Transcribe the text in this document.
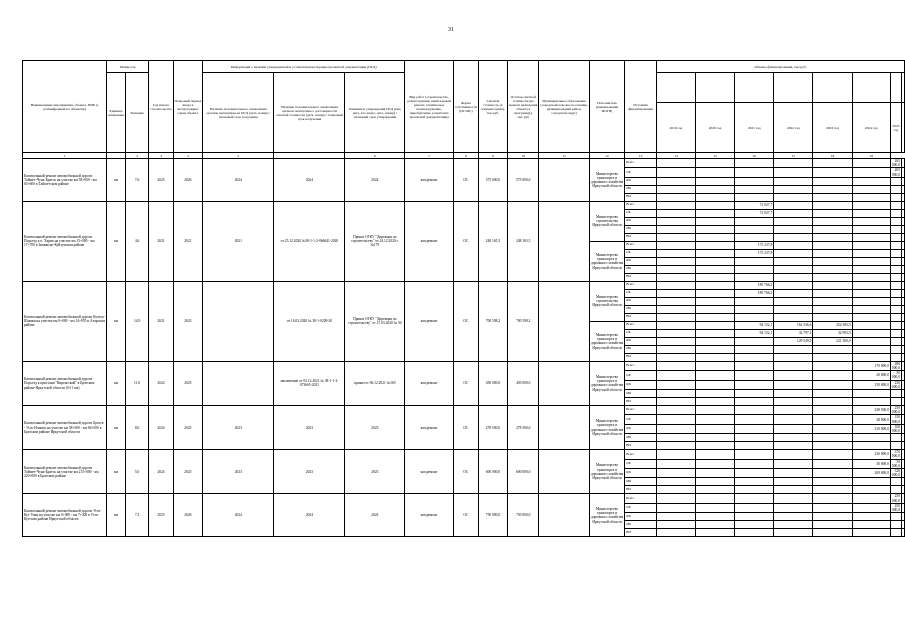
31
Наименование мероприятия, объекта. ПИР (с расшифровкой по объектам)	Мощность		Год начала строительства	Плановый период ввода в эксплуатацию/сдачи объекта	Информация о наличии утвержденной и установленном порядке проектной документации (ПСД)			Вид работ (строительство, реконструкция, капитальный ремонт, техническое перевооружение, приобретение, разработка проектной документации)	Форма собственности (ОС/МС)	Сметная стоимость (в текущих ценах), тыс.руб.	Остаток сметной стоимости (на момент включения объекта в программу), тыс.руб	Муниципальное образование (городской/сельское поселение, муниципальный район, городской округ)	Исполнитель (наименование ИОГВ)	Источник финансирования	Объемы финансирования, тыс.руб.							
	Единица измерения	Значение			Наличие положительного заключения органов экспертизы на ПСД (дата, номер) / плановый срок получения	Наличие положительного заключения органов экспертизы о достоверности сметной стоимости (дата, номер) / плановый срок получения	Реквизиты утверждения ПСД (вид акта, кто издал, дата, номер) / плановый срок утверждения															
															2019 год	2020 год	2021 год	2022 год	2023 год	2024 год	2025 год	
1		2	3	4	5		6	7	8	9	10	11	12	13	14	15	16	17	18	19		
Капитальный ремонт автомобильной дороги Тайшет-Чуна-Братск на участке км 58+000 - км 65+600 в Тайшетском районе	км	7,6	2025	2026	2024	2024	2024	кап.ремонт	ОС	575 000,0	575 000,0		Министерство транспорта и дорожного хозяйства Иркутской области	Всего							265 000,0	
														ОБ							265 000,0	
														ФБ								
														МБ								
														ВИ								
Капитальный ремонт автомобильной дороги Подъезд к п. Харик на участке км 15+000 - км 17+700 в Зиминско-Куйтунском районе	км	4,6	2021	2021	2021	от 25.12.2020 №38-1-1-2-066641-2020	Приказ ОГКУ "Дирекция по строительству" от 24.12.2020 г. №179	кап.ремонт	ОС	248 165,5	248 165,5		Министерство строительства Иркутской области	Всего			72 927,7					
														ОБ			72 927,7					
														ФБ								
														МБ								
														ВИ								
													Министерство транспорта и дорожного хозяйства Иркутской области	Всего			175 237,8					
														ОБ			175 237,8					
														ФБ								
														МБ								
														ВИ								
Капитальный ремонт автомобильной дороги Култук-Шимки на участке км 0+000 - км 14+955 в Аларском районе	км	14,9	2021	2023		от 16.03.2020 № 38-1-0209-20	Приказ ОГКУ "Дирекция по строительству" от 27.03.2020 № 30	кап.ремонт	ОС	700 598,2	700 598,2		Министерство строительства Иркутской области	Всего			189 766,2					
														ОБ			189 766,2					
														ФБ								
														МБ								
														ВИ								
													Министерство транспорта и дорожного хозяйства Иркутской области	Всего			94 152,1	162 336,6	254 383,3			
														ОБ			94 152,1	32 797,1	32 993,3			
														ФБ				129 549,5	221 390,0			
														МБ								
														ВИ								
Капитальный ремонт автомобильной дороги Подъезд к пристани "Киренгский" в Братском районе Иркутской области (0-11 км)	км	11,0	2024	2025		заключение от 02.12.2021 № 38-1-1-2-073665-2021	приказ от 06.12.2021 №165	кап.ремонт	ОС	450 000,0	450 000,0		Министерство транспорта и дорожного хозяйства Иркутской области	Всего						170 000,0	280 000,0	
														ОБ						20 000,0	50 000,0	
														ФБ						150 000,0	230 000,0	
														МБ								
														ВИ								
Капитальный ремонт автомобильной дороги Братск - Усть-Илимск на участке км 58+500 - км 66+500 в Братском районе Иркутской области	км	8,0	2024	2025	2023	2023	2023	кап.ремонт	ОС	278 500,0	278 500,0		Министерство транспорта и дорожного хозяйства Иркутской области	Всего						238 500,0	250 000,0	
														ОБ						28 000,0	150 000,0	
														ФБ						210 000,0	100 000,0	
														МБ								
														ВИ								
Капитальный ремонт автомобильной дороги Тайшет-Чуна-Братск на участке км 215+000 - км 220+000 в Братском районе	км	5,0	2024	2025	2023	2023	2023	кап.ремонт	ОС	600 000,0	600 000,0		Министерство транспорта и дорожного хозяйства Иркутской области	Всего						230 000,0	370 000,0	
														ОБ						30 000,0	50 000,0	
														ФБ						200 000,0	320 000,0	
														МБ								
														ВИ								
Капитальный ремонт автомобильной дороги Усть-Кут-Уоян на участке км 0+000 - км 7+300 в Усть-Кутском районе Иркутской области	км	7,3	2025	2026	2024	2024	2024	кап.ремонт	ОС	750 000,0	750 000,0		Министерство транспорта и дорожного хозяйства Иркутской области	Всего							250 000,0	
														ОБ							250 000,0	
														ФБ								
														МБ								
														ВИ								
